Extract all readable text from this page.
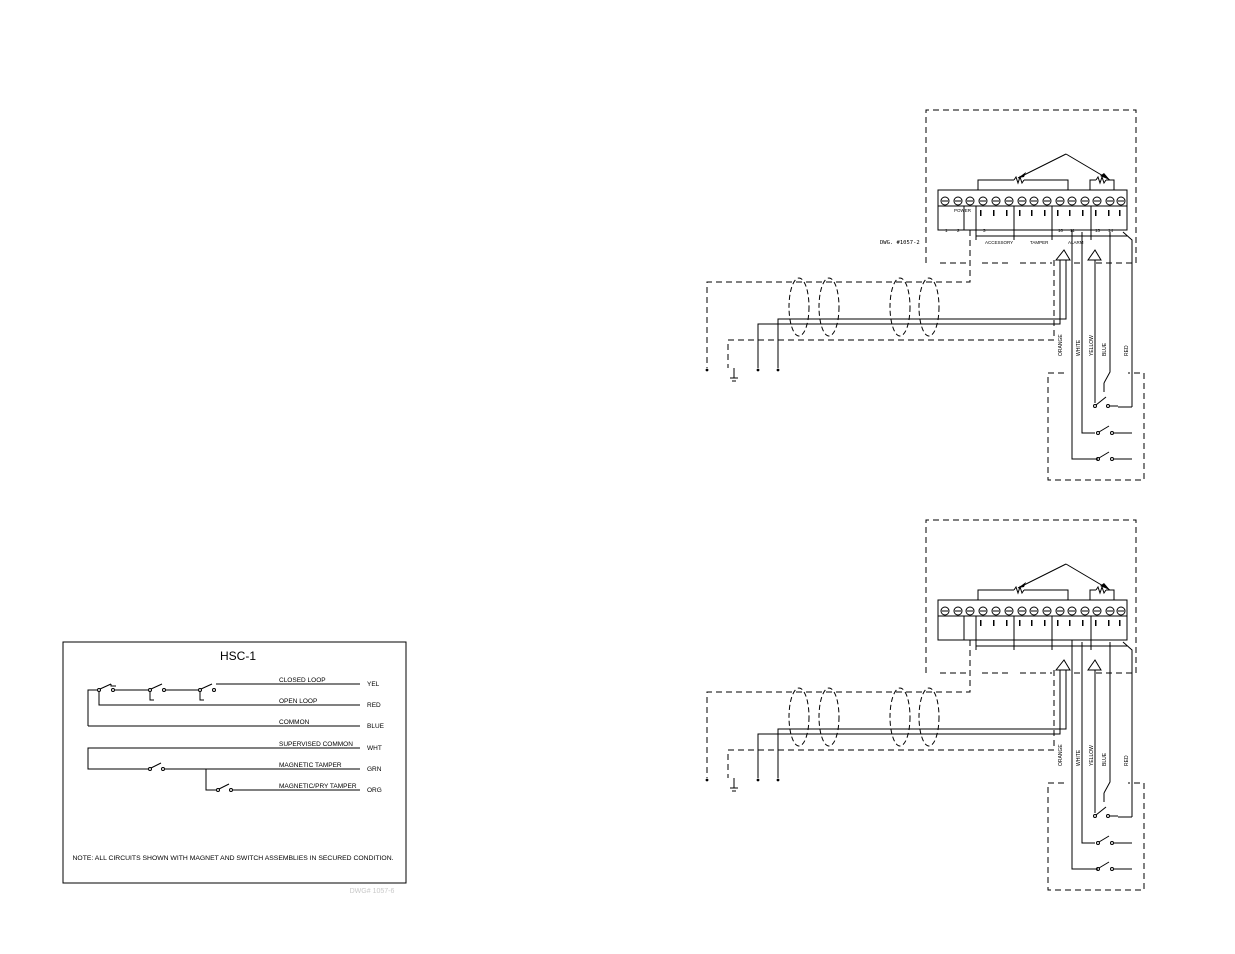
HSC-1
CLOSED LOOP
YEL
OPEN LOOP
RED
COMMON
BLUE
SUPERVISED COMMON
WHT
MAGNETIC TAMPER
GRN
MAGNETIC/PRY TAMPER
ORG
NOTE: ALL CIRCUITS SHOWN WITH MAGNET AND SWITCH ASSEMBLIES IN SECURED CONDITION.
DWG# 1057-6
POWER
ACCESSORY	TAMPER	ALARM
1 2	3	10 11	13 14
DWG. #1057-2
ORANGE WHITE YELLOW BLUE	RED
ORANGE WHITE YELLOW BLUE	RED
